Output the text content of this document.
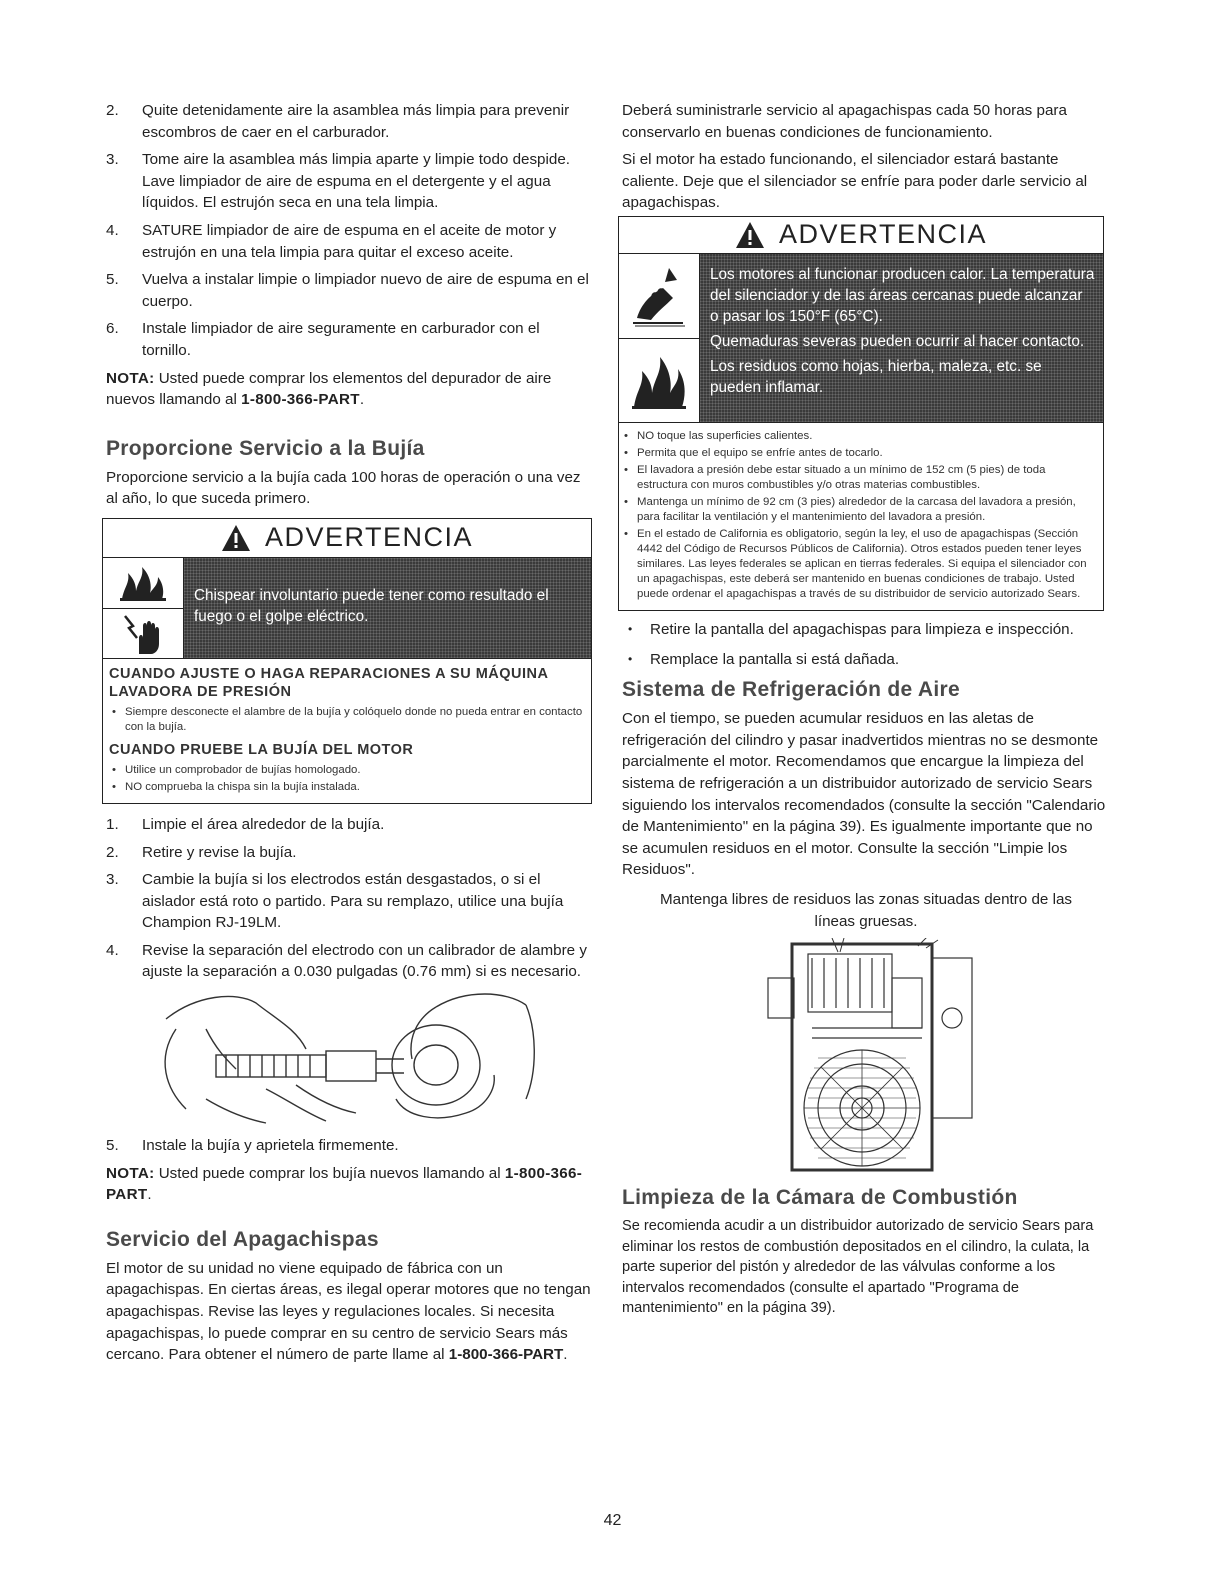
2. Quite detenidamente aire la asamblea más limpia para prevenir escombros de caer en el carburador.
3. Tome aire la asamblea más limpia aparte y limpie todo despide. Lave limpiador de aire de espuma en el detergente y el agua líquidos. El estrujón seca en una tela limpia.
4. SATURE limpiador de aire de espuma en el aceite de motor y estrujón en una tela limpia para quitar el exceso aceite.
5. Vuelva a instalar limpie o limpiador nuevo de aire de espuma en el cuerpo.
6. Instale limpiador de aire seguramente en carburador con el tornillo.

NOTA: Usted puede comprar los elementos del depurador de aire nuevos llamando al 1-800-366-PART.

Proporcione Servicio a la Bujía

Proporcione servicio a la bujía cada 100 horas de operación o una vez al año, lo que suceda primero.

ADVERTENCIA

Chispear involuntario puede tener como resultado el fuego o el golpe eléctrico.

CUANDO AJUSTE O HAGA REPARACIONES A SU MÁQUINA LAVADORA DE PRESIÓN
• Siempre desconecte el alambre de la bujía y colóquelo donde no pueda entrar en contacto con la bujía.
CUANDO PRUEBE LA BUJÍA DEL MOTOR
• Utilice un comprobador de bujías homologado.
• NO comprueba la chispa sin la bujía instalada.
1. Limpie el área alrededor de la bujía.
2. Retire y revise la bujía.
3. Cambie la bujía si los electrodos están desgastados, o si el aislador está roto o partido. Para su remplazo, utilice una bujía Champion RJ-19LM.
4. Revise la separación del electrodo con un calibrador de alambre y ajuste la separación a 0.030 pulgadas (0.76 mm) si es necesario.
5. Instale la bujía y aprietela firmemente.

NOTA: Usted puede comprar los bujía nuevos llamando al 1-800-366-PART.

Servicio del Apagachispas

El motor de su unidad no viene equipado de fábrica con un apagachispas. En ciertas áreas, es ilegal operar motores que no tengan apagachispas. Revise las leyes y regulaciones locales. Si necesita apagachispas, lo puede comprar en su centro de servicio Sears más cercano. Para obtener el número de parte llame al 1-800-366-PART.

Deberá suministrarle servicio al apagachispas cada 50 horas para conservarlo en buenas condiciones de funcionamiento.

Si el motor ha estado funcionando, el silenciador estará bastante caliente. Deje que el silenciador se enfríe para poder darle servicio al apagachispas.

ADVERTENCIA

Los motores al funcionar producen calor. La temperatura del silenciador y de las áreas cercanas puede alcanzar o pasar los 150°F (65°C).

Quemaduras severas pueden ocurrir al hacer contacto.

Los residuos como hojas, hierba, maleza, etc. se pueden inflamar.

• NO toque las superficies calientes.
• Permita que el equipo se enfríe antes de tocarlo.
• El lavadora a presión debe estar situado a un mínimo de 152 cm (5 pies) de toda estructura con muros combustibles y/o otras materias combustibles.
• Mantenga un mínimo de 92 cm (3 pies) alrededor de la carcasa del lavadora a presión, para facilitar la ventilación y el mantenimiento del lavadora a presión.
• En el estado de California es obligatorio, según la ley, el uso de apagachispas (Sección 4442 del Código de Recursos Públicos de California). Otros estados pueden tener leyes similares. Las leyes federales se aplican en tierras federales. Si equipa el silenciador con un apagachispas, este deberá ser mantenido en buenas condiciones de trabajo. Usted puede ordenar el apagachispas a través de su distribuidor de servicio autorizado Sears.
• Retire la pantalla del apagachispas para limpieza e inspección.
• Remplace la pantalla si está dañada.
Sistema de Refrigeración de Aire

Con el tiempo, se pueden acumular residuos en las aletas de refrigeración del cilindro y pasar inadvertidos mientras no se desmonte parcialmente el motor. Recomendamos que encargue la limpieza del sistema de refrigeración a un distribuidor autorizado de servicio Sears siguiendo los intervalos recomendados (consulte la sección "Calendario de Mantenimiento" en la página 39). Es igualmente importante que no se acumulen residuos en el motor. Consulte la sección "Limpie los Residuos".

Mantenga libres de residuos las zonas situadas dentro de las líneas gruesas.

Limpieza de la Cámara de Combustión

Se recomienda acudir a un distribuidor autorizado de servicio Sears para eliminar los restos de combustión depositados en el cilindro, la culata, la parte superior del pistón y alrededor de las válvulas conforme a los intervalos recomendados (consulte el apartado "Programa de mantenimiento" en la página 39).

42
